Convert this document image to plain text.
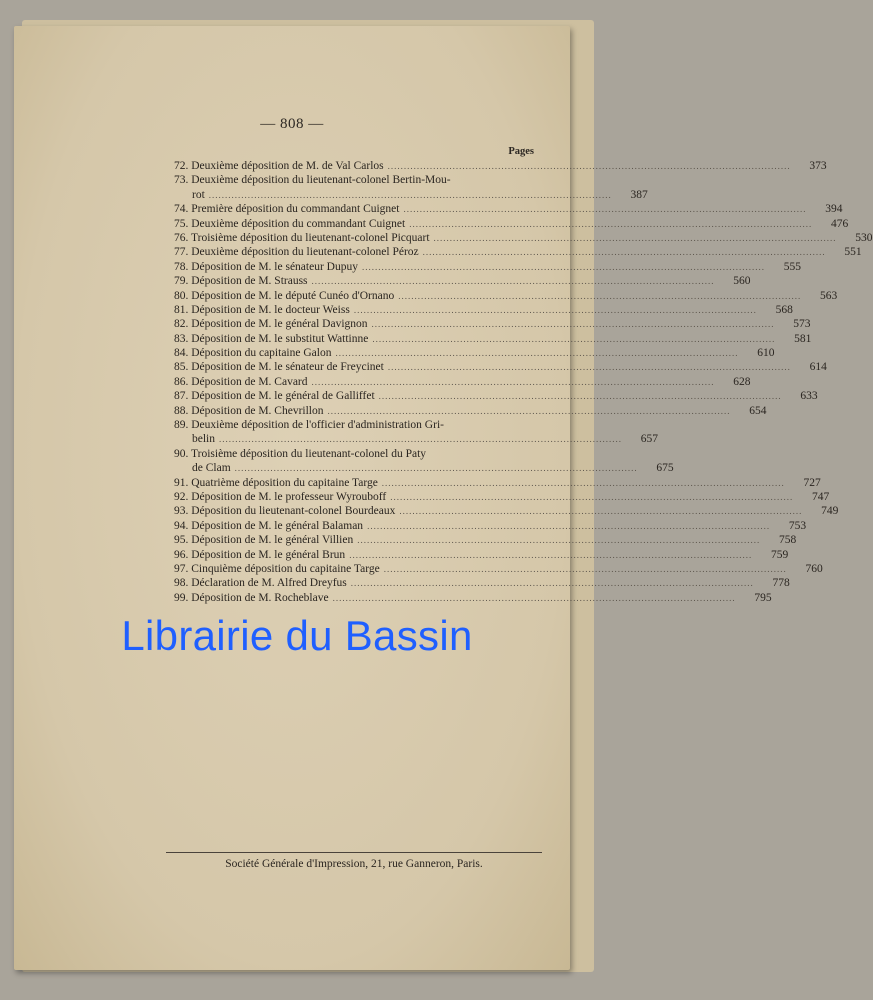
— 808 —
Pages
72. Deuxième déposition de M. de Val Carlos .....	373
73. Deuxième déposition du lieutenant-colonel Bertin-Mou-
rot .....	387
74. Première déposition du commandant Cuignet .....	394
75. Deuxième déposition du commandant Cuignet .....	476
76. Troisième déposition du lieutenant-colonel Picquart .....	530
77. Deuxième déposition du lieutenant-colonel Péroz .....	551
78. Déposition de M. le sénateur Dupuy .....	555
79. Déposition de M. Strauss .....	560
80. Déposition de M. le député Cunéo d'Ornano .....	563
81. Déposition de M. le docteur Weiss .....	568
82. Déposition de M. le général Davignon .....	573
83. Déposition de M. le substitut Wattinne .....	581
84. Déposition du capitaine Galon .....	610
85. Déposition de M. le sénateur de Freycinet .....	614
86. Déposition de M. Cavard .....	628
87. Déposition de M. le général de Galliffet .....	633
88. Déposition de M. Chevrillon .....	654
89. Deuxième déposition de l'officier d'administration Gri-
belin .....	657
90. Troisième déposition du lieutenant-colonel du Paty
de Clam .....	675
91. Quatrième déposition du capitaine Targe .....	727
92. Déposition de M. le professeur Wyrouboff .....	747
93. Déposition du lieutenant-colonel Bourdeaux .....	749
94. Déposition de M. le général Balaman .....	753
95. Déposition de M. le général Villien .....	758
96. Déposition de M. le général Brun .....	759
97. Cinquième déposition du capitaine Targe .....	760
98. Déclaration de M. Alfred Dreyfus .....	778
99. Déposition de M. Rocheblave .....	795
Société Générale d'Impression, 21, rue Ganneron, Paris.
Librairie du Bassin
